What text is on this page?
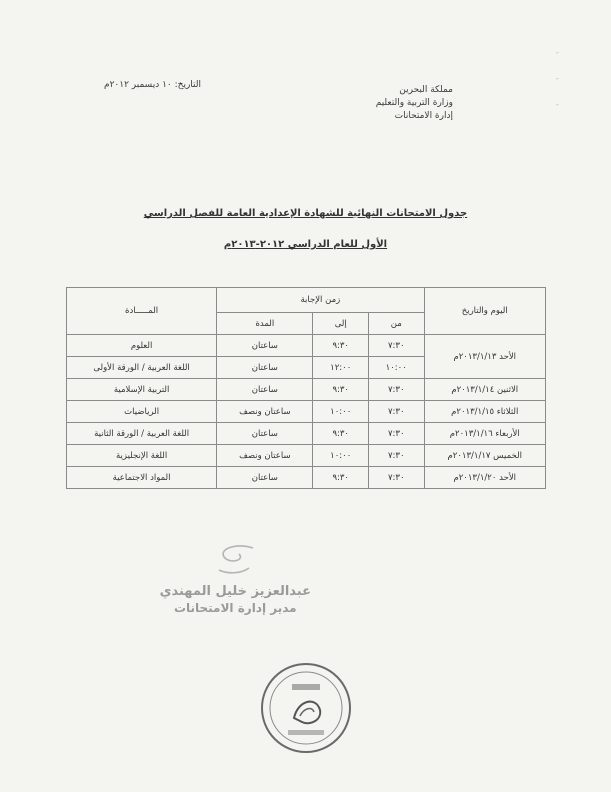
-
-
-
مملكة البحرين
وزارة التربية والتعليم
إدارة الامتحانات
التاريخ: ١٠ ديسمبر ٢٠١٢م
جدول الامتحانات النهائية للشهادة الإعدادية العامة للفصل الدراسي
الأول للعام الدراسي ٢٠١٢-٢٠١٣م
اليوم والتاريخ	زمن الإجابة			المـــــادة
	من	إلى	المدة	
الأحد ٢٠١٣/١/١٣م	٧:٣٠	٩:٣٠	ساعتان	العلوم
	١٠:٠٠	١٢:٠٠	ساعتان	اللغة العربية / الورقة الأولى
الاثنين ٢٠١٣/١/١٤م	٧:٣٠	٩:٣٠	ساعتان	التربية الإسلامية
الثلاثاء ٢٠١٣/١/١٥م	٧:٣٠	١٠:٠٠	ساعتان ونصف	الرياضيات
الأربعاء ٢٠١٣/١/١٦م	٧:٣٠	٩:٣٠	ساعتان	اللغة العربية / الورقة الثانية
الخميس ٢٠١٣/١/١٧م	٧:٣٠	١٠:٠٠	ساعتان ونصف	اللغة الإنجليزية
الأحد ٢٠١٣/١/٢٠م	٧:٣٠	٩:٣٠	ساعتان	المواد الاجتماعية
عبدالعزيز خليل المهندي
مدير إدارة الامتحانات
